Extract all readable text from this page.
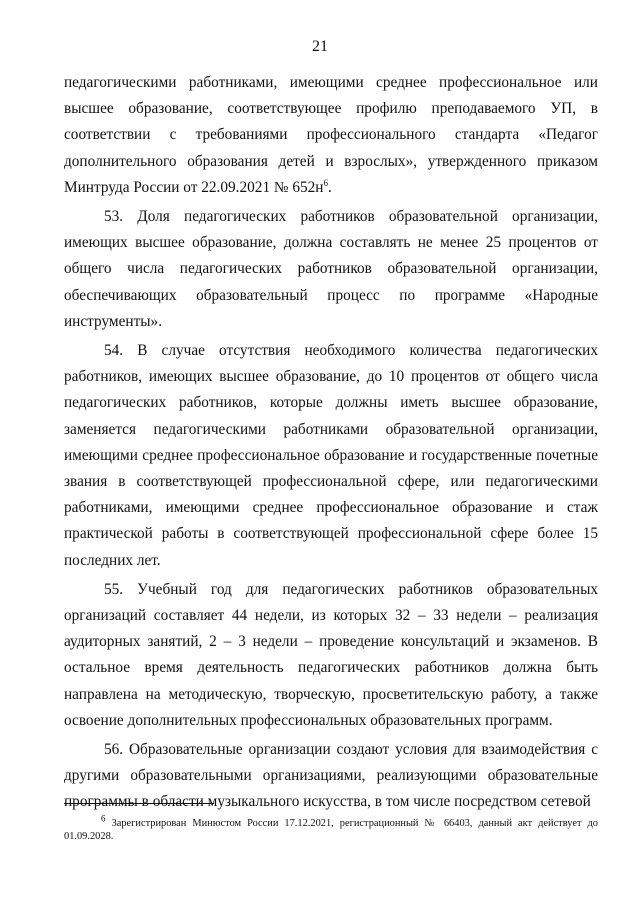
21

педагогическими работниками, имеющими среднее профессиональное или высшее образование, соответствующее профилю преподаваемого УП, в соответствии с требованиями профессионального стандарта «Педагог дополнительного образования детей и взрослых», утвержденного приказом Минтруда России от 22.09.2021 № $652н^6$.

53. Доля педагогических работников образовательной организации, имеющих высшее образование, должна составлять не менее 25 процентов от общего числа педагогических работников образовательной организации, обеспечивающих образовательный процесс по программе «Народные инструменты».

54. В случае отсутствия необходимого количества педагогических работников, имеющих высшее образование, до 10 процентов от общего числа педагогических работников, которые должны иметь высшее образование, заменяется педагогическими работниками образовательной организации, имеющими среднее профессиональное образование и государственные почетные звания в соответствующей профессиональной сфере, или педагогическими работниками, имеющими среднее профессиональное образование и стаж практической работы в соответствующей профессиональной сфере более 15 последних лет.

55. Учебный год для педагогических работников образовательных организаций составляет 44 недели, из которых 32 – 33 недели – реализация аудиторных занятий, 2 – 3 недели – проведение консультаций и экзаменов. В остальное время деятельность педагогических работников должна быть направлена на методическую, творческую, просветительскую работу, а также освоение дополнительных профессиональных образовательных программ.

56. Образовательные организации создают условия для взаимодействия с другими образовательными организациями, реализующими образовательные программы в области музыкального искусства, в том числе посредством сетевой

$^6$ Зарегистрирован Минюстом России 17.12.2021, регистрационный № 66403, данный акт действует до 01.09.2028.
